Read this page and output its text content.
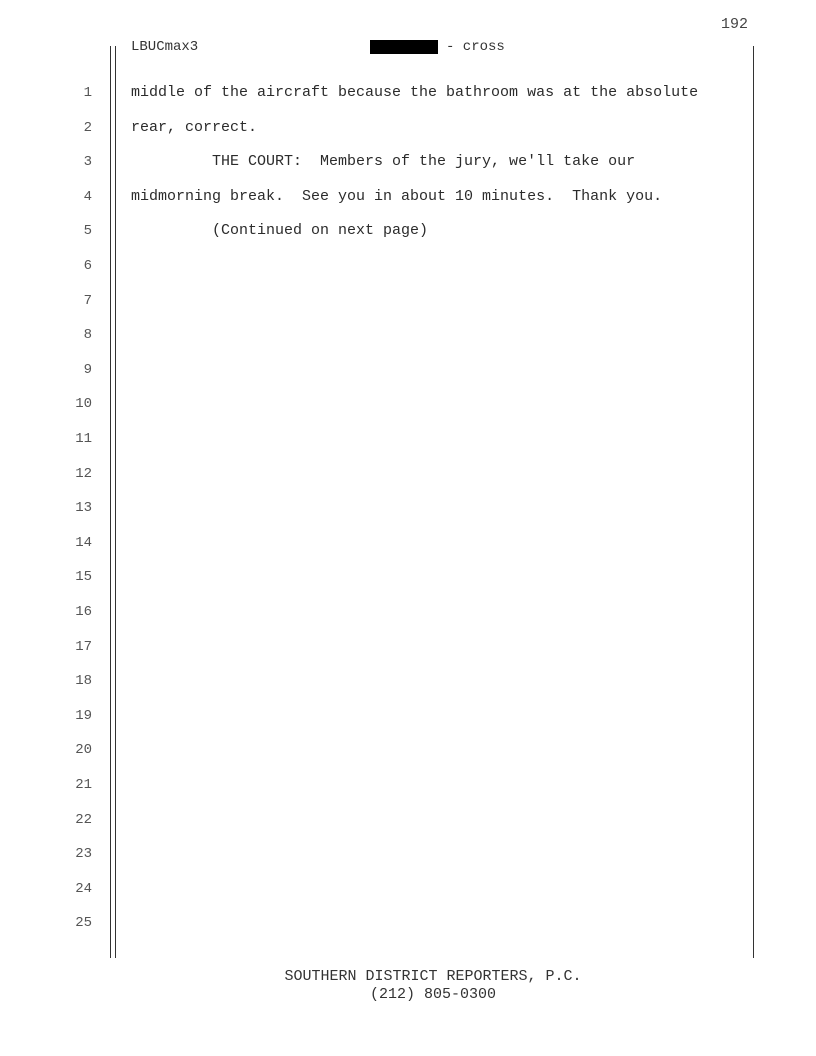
192
LBUCmax3	- cross
1	middle of the aircraft because the bathroom was at the absolute
2	rear, correct.
3	THE COURT:  Members of the jury, we'll take our
4	midmorning break.  See you in about 10 minutes.  Thank you.
5	(Continued on next page)
6
7
8
9
10
11
12
13
14
15
16
17
18
19
20
21
22
23
24
25
SOUTHERN DISTRICT REPORTERS, P.C.
(212) 805-0300
